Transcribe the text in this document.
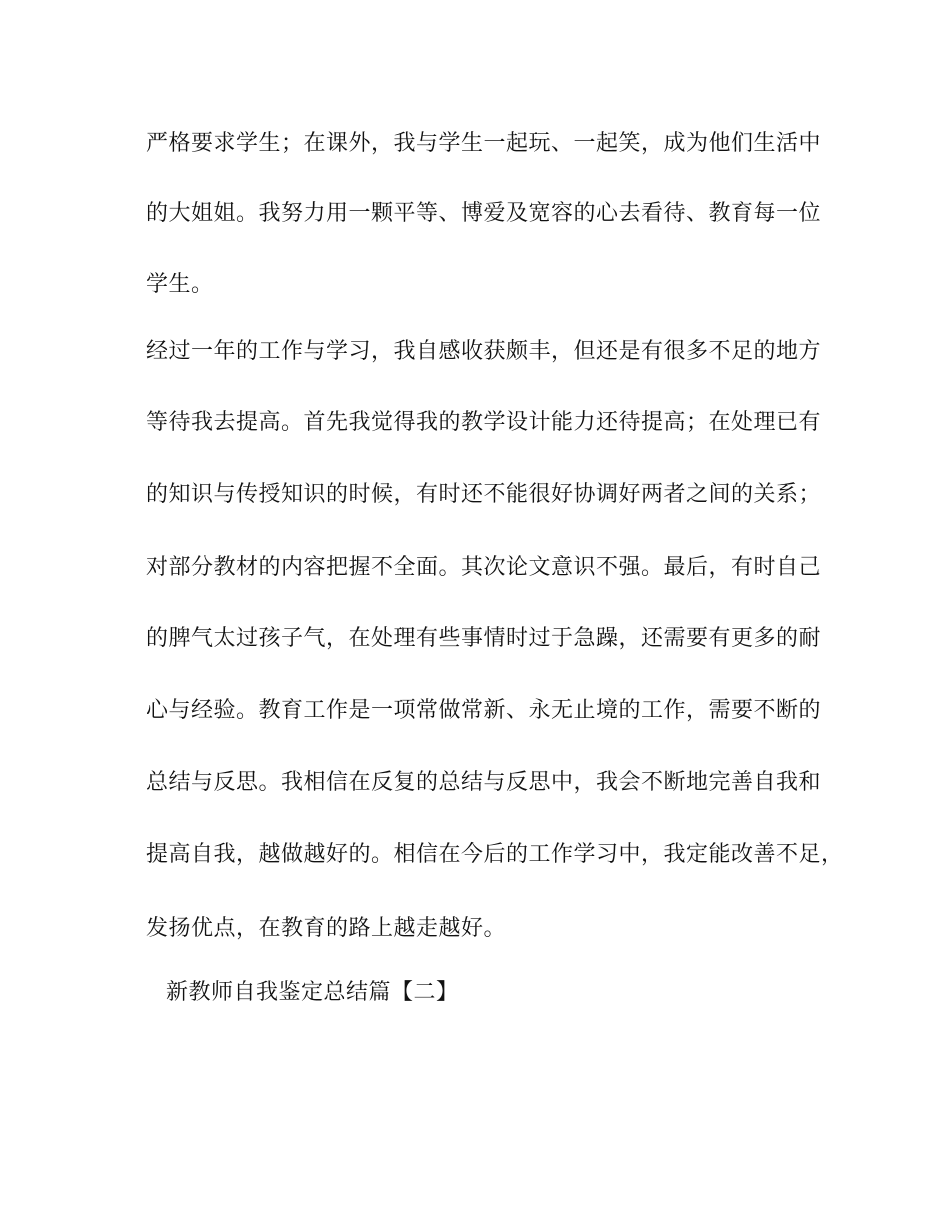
严格要求学生；在课外，我与学生一起玩、一起笑，成为他们生活中
的大姐姐。我努力用一颗平等、博爱及宽容的心去看待、教育每一位
学生。
经过一年的工作与学习，我自感收获颇丰，但还是有很多不足的地方
等待我去提高。首先我觉得我的教学设计能力还待提高；在处理已有
的知识与传授知识的时候，有时还不能很好协调好两者之间的关系；
对部分教材的内容把握不全面。其次论文意识不强。最后，有时自己
的脾气太过孩子气，在处理有些事情时过于急躁，还需要有更多的耐
心与经验。教育工作是一项常做常新、永无止境的工作，需要不断的
总结与反思。我相信在反复的总结与反思中，我会不断地完善自我和
提高自我，越做越好的。相信在今后的工作学习中，我定能改善不足，
发扬优点，在教育的路上越走越好。
新教师自我鉴定总结篇【二】
